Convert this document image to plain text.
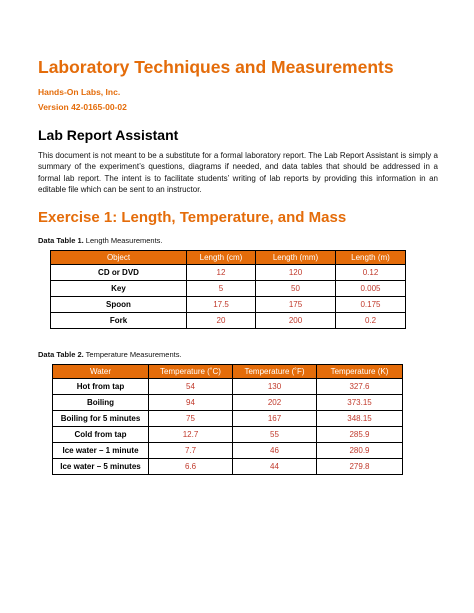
Laboratory Techniques and Measurements
Hands-On Labs, Inc.
Version 42-0165-00-02
Lab Report Assistant

This document is not meant to be a substitute for a formal laboratory report. The Lab Report Assistant is simply a summary of the experiment’s questions, diagrams if needed, and data tables that should be addressed in a formal lab report. The intent is to facilitate students’ writing of lab reports by providing this information in an editable file which can be sent to an instructor.

Exercise 1: Length, Temperature, and Mass
Data Table 1. Length Measurements.
Object	Length (cm)	Length (mm)	Length (m)
CD or DVD	12	120	0.12
Key	5	50	0.005
Spoon	17.5	175	0.175
Fork	20	200	0.2
Data Table 2. Temperature Measurements.
Water	Temperature (˚C)	Temperature (˚F)	Temperature (K)
Hot from tap	54	130	327.6
Boiling	94	202	373.15
Boiling for 5 minutes	75	167	348.15
Cold from tap	12.7	55	285.9
Ice water – 1 minute	7.7	46	280.9
Ice water – 5 minutes	6.6	44	279.8
